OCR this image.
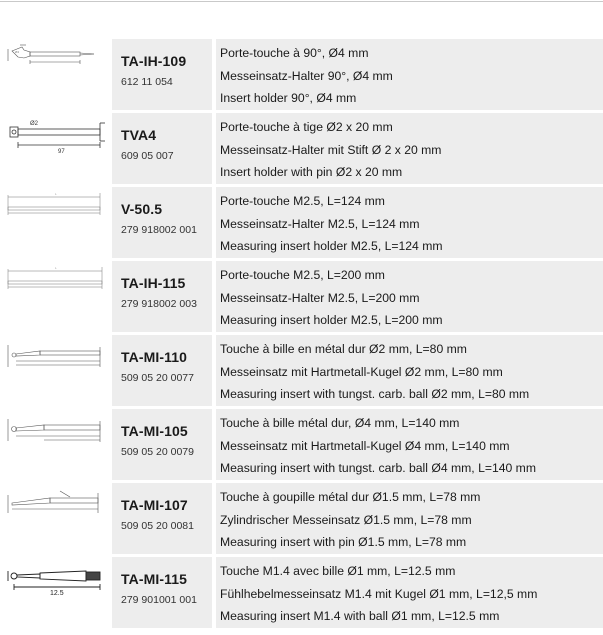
Ø4
TA-IH-109
612 11 054
Porte-touche à 90°, Ø4 mm
Messeinsatz-Halter 90°, Ø4 mm
Insert holder 90°, Ø4 mm
Ø2
97
TVA4
609 05 007
Porte-touche à tige Ø2 x 20 mm
Messeinsatz-Halter mit Stift Ø 2 x 20 mm
Insert holder with pin Ø2 x 20 mm
L
V-50.5
279 918002 001
Porte-touche M2.5, L=124 mm
Messeinsatz-Halter M2.5, L=124 mm
Measuring insert holder M2.5, L=124 mm
L
TA-IH-115
279 918002 003
Porte-touche M2.5, L=200 mm
Messeinsatz-Halter M2.5, L=200 mm
Measuring insert holder M2.5, L=200 mm
TA-MI-110
509 05 20 0077
Touche à bille en métal dur Ø2 mm, L=80 mm
Messeinsatz mit Hartmetall-Kugel Ø2 mm, L=80 mm
Measuring insert with tungst. carb. ball Ø2 mm, L=80 mm
TA-MI-105
509 05 20 0079
Touche à bille métal dur, Ø4 mm, L=140 mm
Messeinsatz mit Hartmetall-Kugel Ø4 mm, L=140 mm
Measuring insert with tungst. carb. ball Ø4 mm, L=140 mm
TA-MI-107
509 05 20 0081
Touche à goupille métal dur Ø1.5 mm, L=78 mm
Zylindrischer Messeinsatz Ø1.5 mm, L=78 mm
Measuring insert with pin Ø1.5 mm, L=78 mm
12.5
TA-MI-115
279 901001 001
Touche M1.4 avec bille Ø1 mm, L=12.5 mm
Fühlhebelmesseinsatz M1.4 mit Kugel Ø1 mm, L=12,5 mm
Measuring insert M1.4 with ball Ø1 mm, L=12.5 mm
